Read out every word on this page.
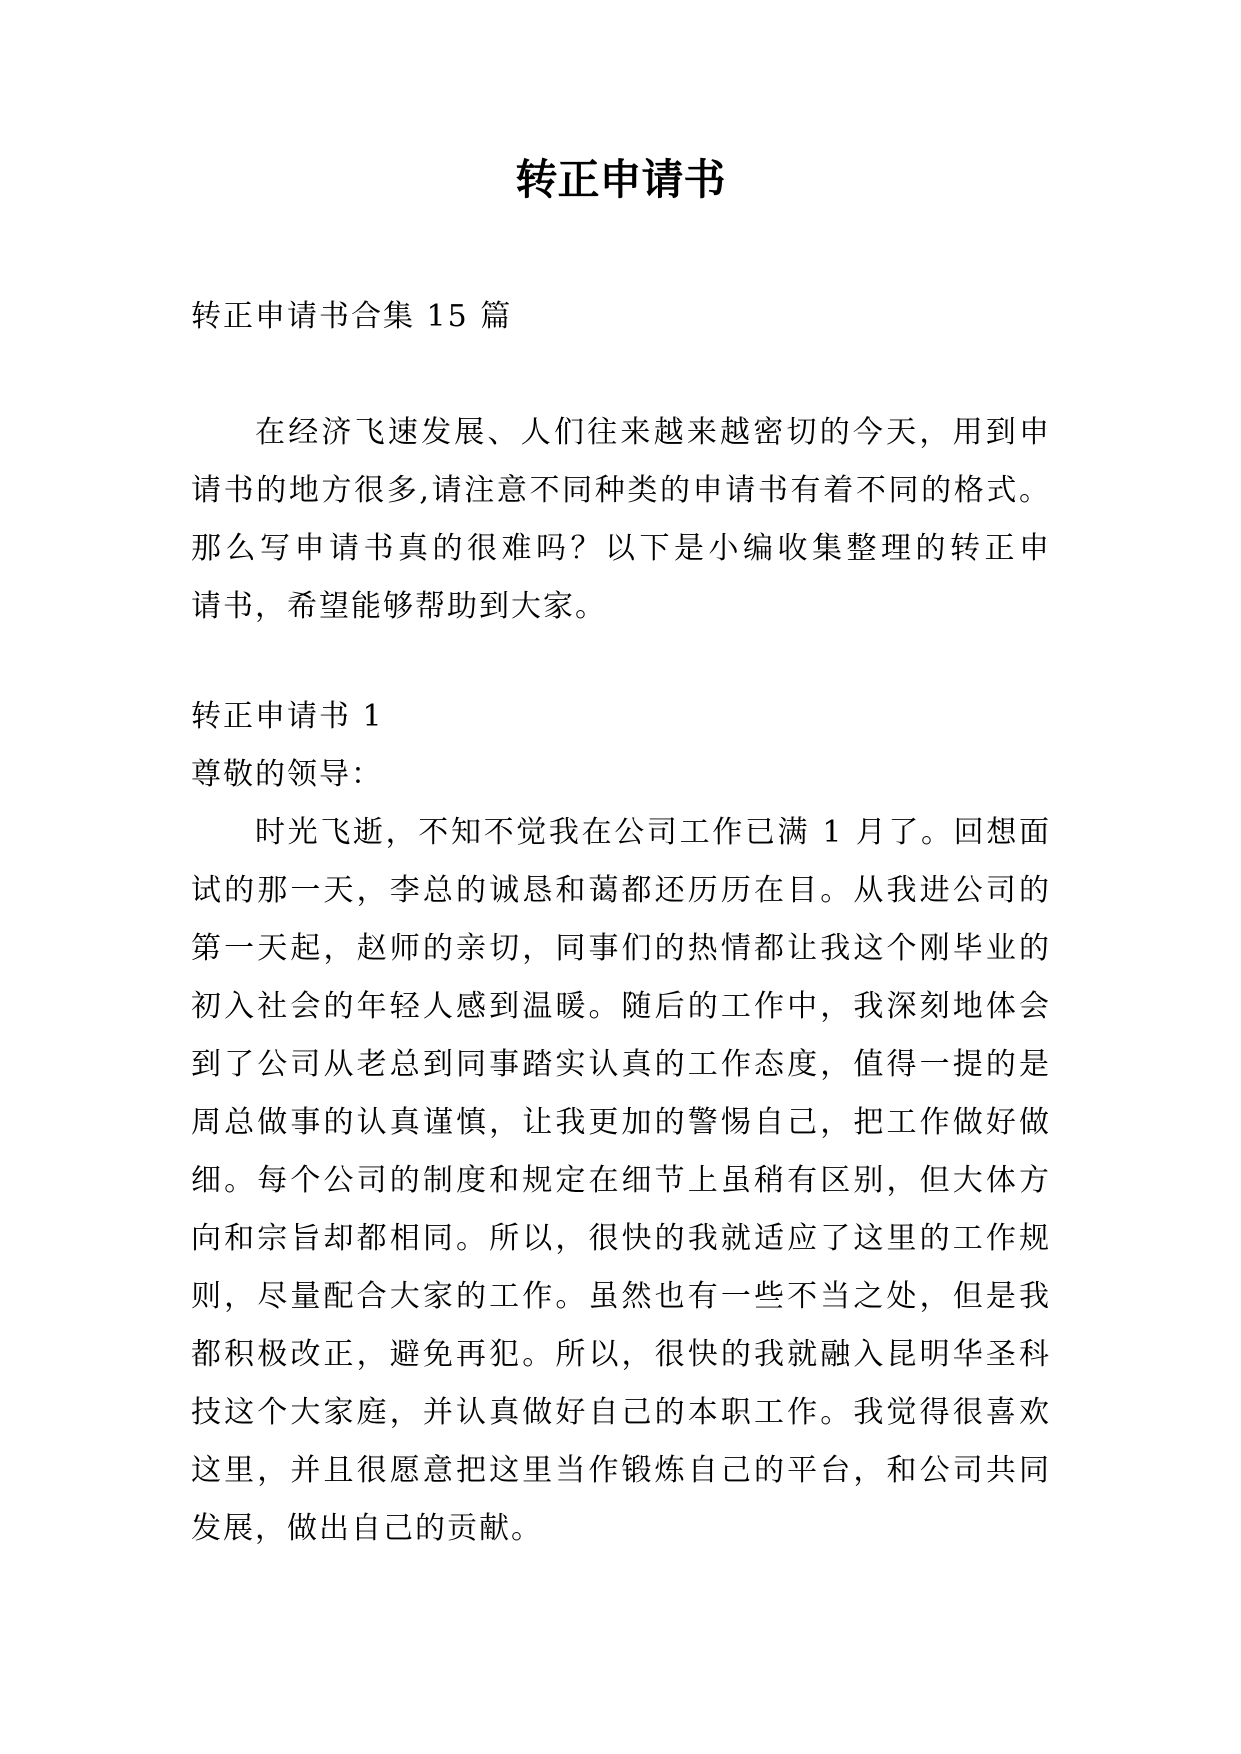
转正申请书
转正申请书合集 15 篇
在经济飞速发展、人们往来越来越密切的今天，用到申
请书的地方很多,请注意不同种类的申请书有着不同的格式。
那么写申请书真的很难吗？以下是小编收集整理的转正申
请书，希望能够帮助到大家。
转正申请书 1
尊敬的领导：
时光飞逝，不知不觉我在公司工作已满 1 月了。回想面
试的那一天，李总的诚恳和蔼都还历历在目。从我进公司的
第一天起，赵师的亲切，同事们的热情都让我这个刚毕业的
初入社会的年轻人感到温暖。随后的工作中，我深刻地体会
到了公司从老总到同事踏实认真的工作态度，值得一提的是
周总做事的认真谨慎，让我更加的警惕自己，把工作做好做
细。每个公司的制度和规定在细节上虽稍有区别，但大体方
向和宗旨却都相同。所以，很快的我就适应了这里的工作规
则，尽量配合大家的工作。虽然也有一些不当之处，但是我
都积极改正，避免再犯。所以，很快的我就融入昆明华圣科
技这个大家庭，并认真做好自己的本职工作。我觉得很喜欢
这里，并且很愿意把这里当作锻炼自己的平台，和公司共同
发展，做出自己的贡献。
